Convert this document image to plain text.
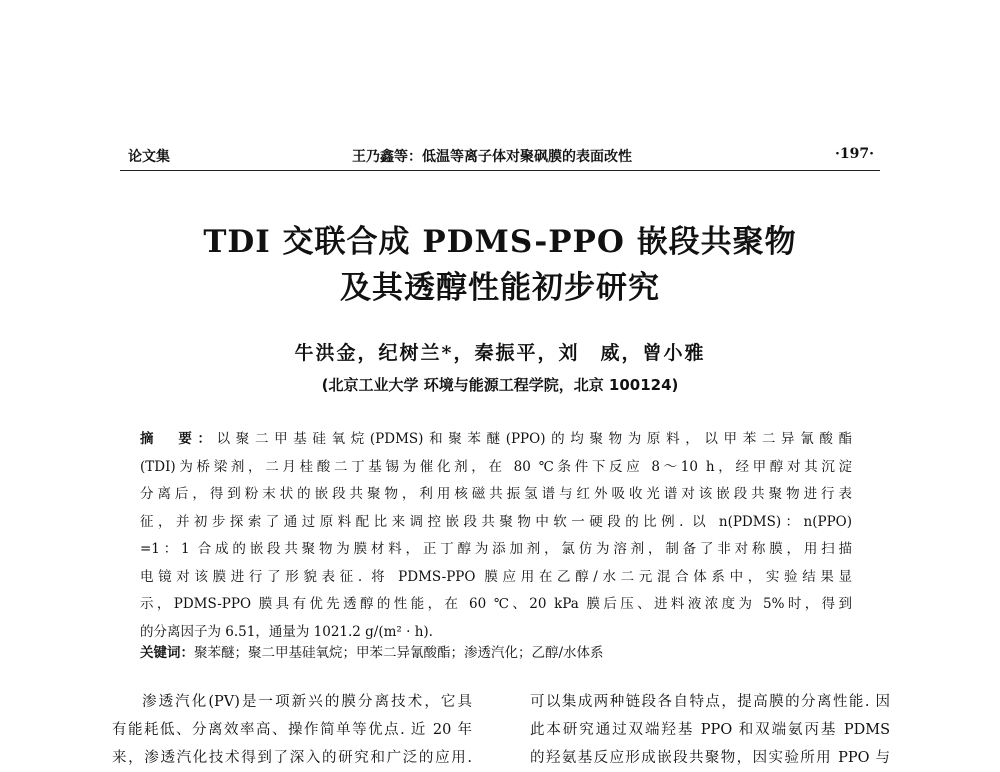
论文集	王乃鑫等：低温等离子体对聚砜膜的表面改性	·197·
TDI 交联合成 PDMS-PPO 嵌段共聚物
及其透醇性能初步研究
牛洪金，纪树兰*，秦振平，刘　威，曾小雅
(北京工业大学 环境与能源工程学院，北京 100124)
摘　要：以聚二甲基硅氧烷(PDMS)和聚苯醚(PPO)的均聚物为原料，以甲苯二异氰酸酯
(TDI)为桥梁剂，二月桂酸二丁基锡为催化剂，在 80 ℃条件下反应 8～10 h，经甲醇对其沉淀
分离后，得到粉末状的嵌段共聚物，利用核磁共振氢谱与红外吸收光谱对该嵌段共聚物进行表
征，并初步探索了通过原料配比来调控嵌段共聚物中软一硬段的比例. 以 n(PDMS)：n(PPO)
=1：1 合成的嵌段共聚物为膜材料，正丁醇为添加剂，氯仿为溶剂，制备了非对称膜，用扫描
电镜对该膜进行了形貌表征. 将 PDMS-PPO 膜应用在乙醇/水二元混合体系中，实验结果显
示，PDMS-PPO 膜具有优先透醇的性能，在 60 ℃、20 kPa 膜后压、进料液浓度为 5%时，得到
的分离因子为 6.51，通量为 1021.2 g/(m² · h).
关键词：聚苯醚；聚二甲基硅氧烷；甲苯二异氰酸酯；渗透汽化；乙醇/水体系
渗透汽化(PV)是一项新兴的膜分离技术，它具
有能耗低、分离效率高、操作简单等优点. 近 20 年
来，渗透汽化技术得到了深入的研究和广泛的应用.
可以集成两种链段各自特点，提高膜的分离性能. 因
此本研究通过双端羟基 PPO 和双端氨丙基 PDMS
的羟氨基反应形成嵌段共聚物，因实验所用 PPO 与
